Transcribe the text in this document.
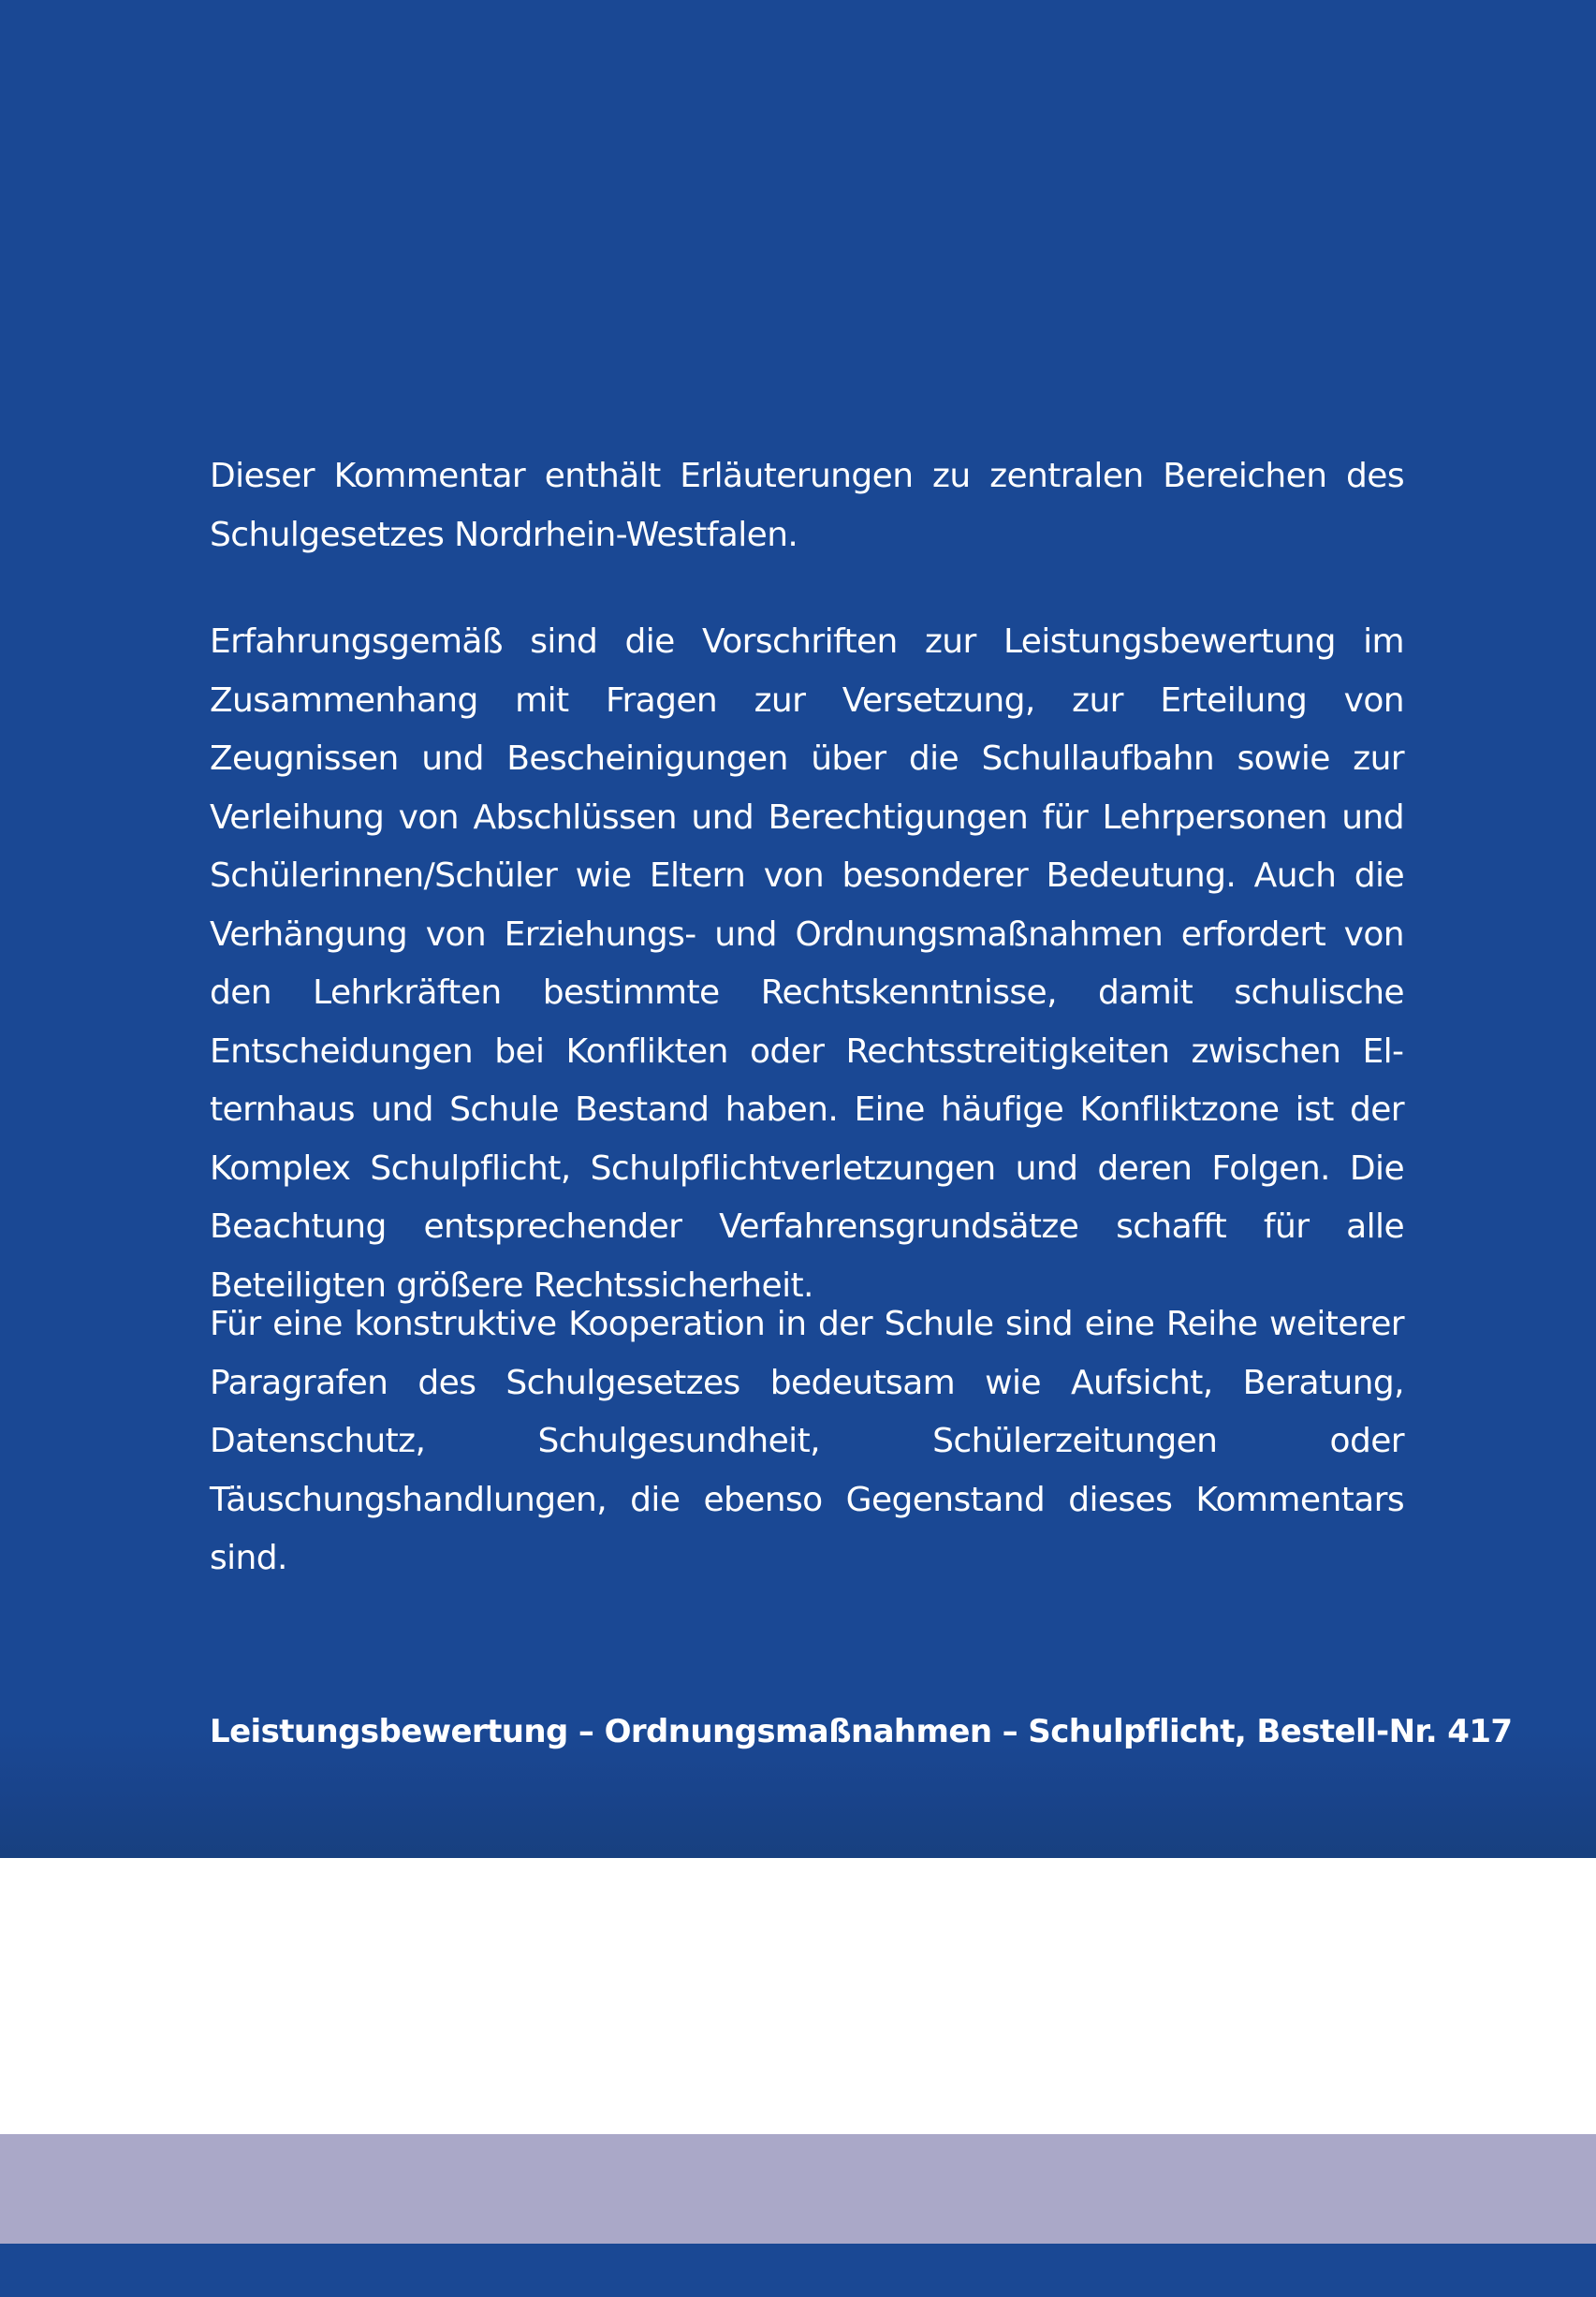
Dieser Kommentar enthält Erläuterungen zu zentralen Bereichen des Schulgesetzes Nordrhein-Westfalen.

Erfahrungsgemäß sind die Vorschriften zur Leistungsbewertung im Zusammenhang mit Fragen zur Versetzung, zur Erteilung von Zeugnissen und Bescheinigungen über die Schullaufbahn sowie zur Verleihung von Abschlüssen und Berechtigungen für Lehrpersonen und Schülerinnen/Schüler wie Eltern von besonderer Bedeutung. Auch die Verhängung von Erziehungs- und Ordnungsmaßnahmen erfordert von den Lehrkräften bestimmte Rechtskenntnisse, damit schulische Entscheidungen bei Konflikten oder Rechtsstreitigkeiten zwischen Elternhaus und Schule Bestand haben. Eine häufige Konfliktzone ist der Komplex Schulpflicht, Schulpflichtverletzungen und deren Folgen. Die Beachtung entsprechender Verfahrensgrundsätze schafft für alle Beteiligten größere Rechtssicherheit.

Für eine konstruktive Kooperation in der Schule sind eine Reihe weiterer Paragrafen des Schulgesetzes bedeutsam wie Aufsicht, Beratung, Datenschutz, Schulgesundheit, Schülerzeitungen oder Täuschungshandlungen, die ebenso Gegenstand dieses Kommentars sind.

Leistungsbewertung – Ordnungsmaßnahmen – Schulpflicht, Bestell-Nr. 417
